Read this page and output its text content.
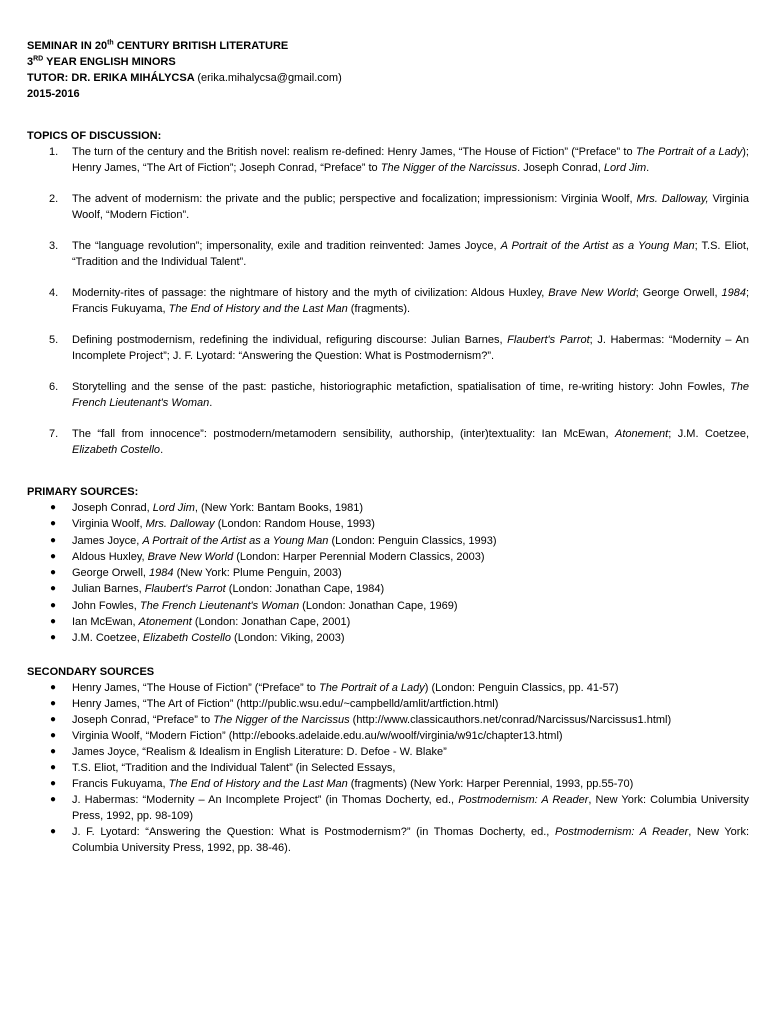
SEMINAR IN 20th CENTURY BRITISH LITERATURE
3RD YEAR ENGLISH MINORS
TUTOR: DR. ERIKA MIHÁLYCSA (erika.mihalycsa@gmail.com)
2015-2016
TOPICS OF DISCUSSION:
1. The turn of the century and the British novel: realism re-defined: Henry James, “The House of Fiction” (“Preface” to The Portrait of a Lady); Henry James, “The Art of Fiction”; Joseph Conrad, “Preface” to The Nigger of the Narcissus. Joseph Conrad, Lord Jim.
2. The advent of modernism: the private and the public; perspective and focalization; impressionism: Virginia Woolf, Mrs. Dalloway, Virginia Woolf, “Modern Fiction”.
3. The “language revolution”; impersonality, exile and tradition reinvented: James Joyce, A Portrait of the Artist as a Young Man; T.S. Eliot, “Tradition and the Individual Talent”.
4. Modernity-rites of passage: the nightmare of history and the myth of civilization: Aldous Huxley, Brave New World; George Orwell, 1984; Francis Fukuyama, The End of History and the Last Man (fragments).
5. Defining postmodernism, redefining the individual, refiguring discourse: Julian Barnes, Flaubert's Parrot; J. Habermas: “Modernity – An Incomplete Project”; J. F. Lyotard: “Answering the Question: What is Postmodernism?”.
6. Storytelling and the sense of the past: pastiche, historiographic metafiction, spatialisation of time, re-writing history: John Fowles, The French Lieutenant's Woman.
7. The “fall from innocence”: postmodern/metamodern sensibility, authorship, (inter)textuality: Ian McEwan, Atonement; J.M. Coetzee, Elizabeth Costello.
PRIMARY SOURCES:
● Joseph Conrad, Lord Jim, (New York: Bantam Books, 1981)
● Virginia Woolf, Mrs. Dalloway (London: Random House, 1993)
● James Joyce, A Portrait of the Artist as a Young Man (London: Penguin Classics, 1993)
● Aldous Huxley, Brave New World (London: Harper Perennial Modern Classics, 2003)
● George Orwell, 1984 (New York: Plume Penguin, 2003)
● Julian Barnes, Flaubert's Parrot (London: Jonathan Cape, 1984)
● John Fowles, The French Lieutenant's Woman (London: Jonathan Cape, 1969)
● Ian McEwan, Atonement (London: Jonathan Cape, 2001)
● J.M. Coetzee, Elizabeth Costello (London: Viking, 2003)
SECONDARY SOURCES
● Henry James, “The House of Fiction” (“Preface” to The Portrait of a Lady) (London: Penguin Classics, pp. 41-57)
● Henry James, “The Art of Fiction” (http://public.wsu.edu/~campbelld/amlit/artfiction.html)
● Joseph Conrad, “Preface” to The Nigger of the Narcissus (http://www.classicauthors.net/conrad/Narcissus/Narcissus1.html)
● Virginia Woolf, “Modern Fiction” (http://ebooks.adelaide.edu.au/w/woolf/virginia/w91c/chapter13.html)
● James Joyce, “Realism & Idealism in English Literature: D. Defoe - W. Blake”
● T.S. Eliot, “Tradition and the Individual Talent” (in Selected Essays,
● Francis Fukuyama, The End of History and the Last Man (fragments) (New York: Harper Perennial, 1993, pp.55-70)
● J. Habermas: “Modernity – An Incomplete Project” (in Thomas Docherty, ed., Postmodernism: A Reader, New York: Columbia University Press, 1992, pp. 98-109)
● J. F. Lyotard: “Answering the Question: What is Postmodernism?” (in Thomas Docherty, ed., Postmodernism: A Reader, New York: Columbia University Press, 1992, pp. 38-46).
